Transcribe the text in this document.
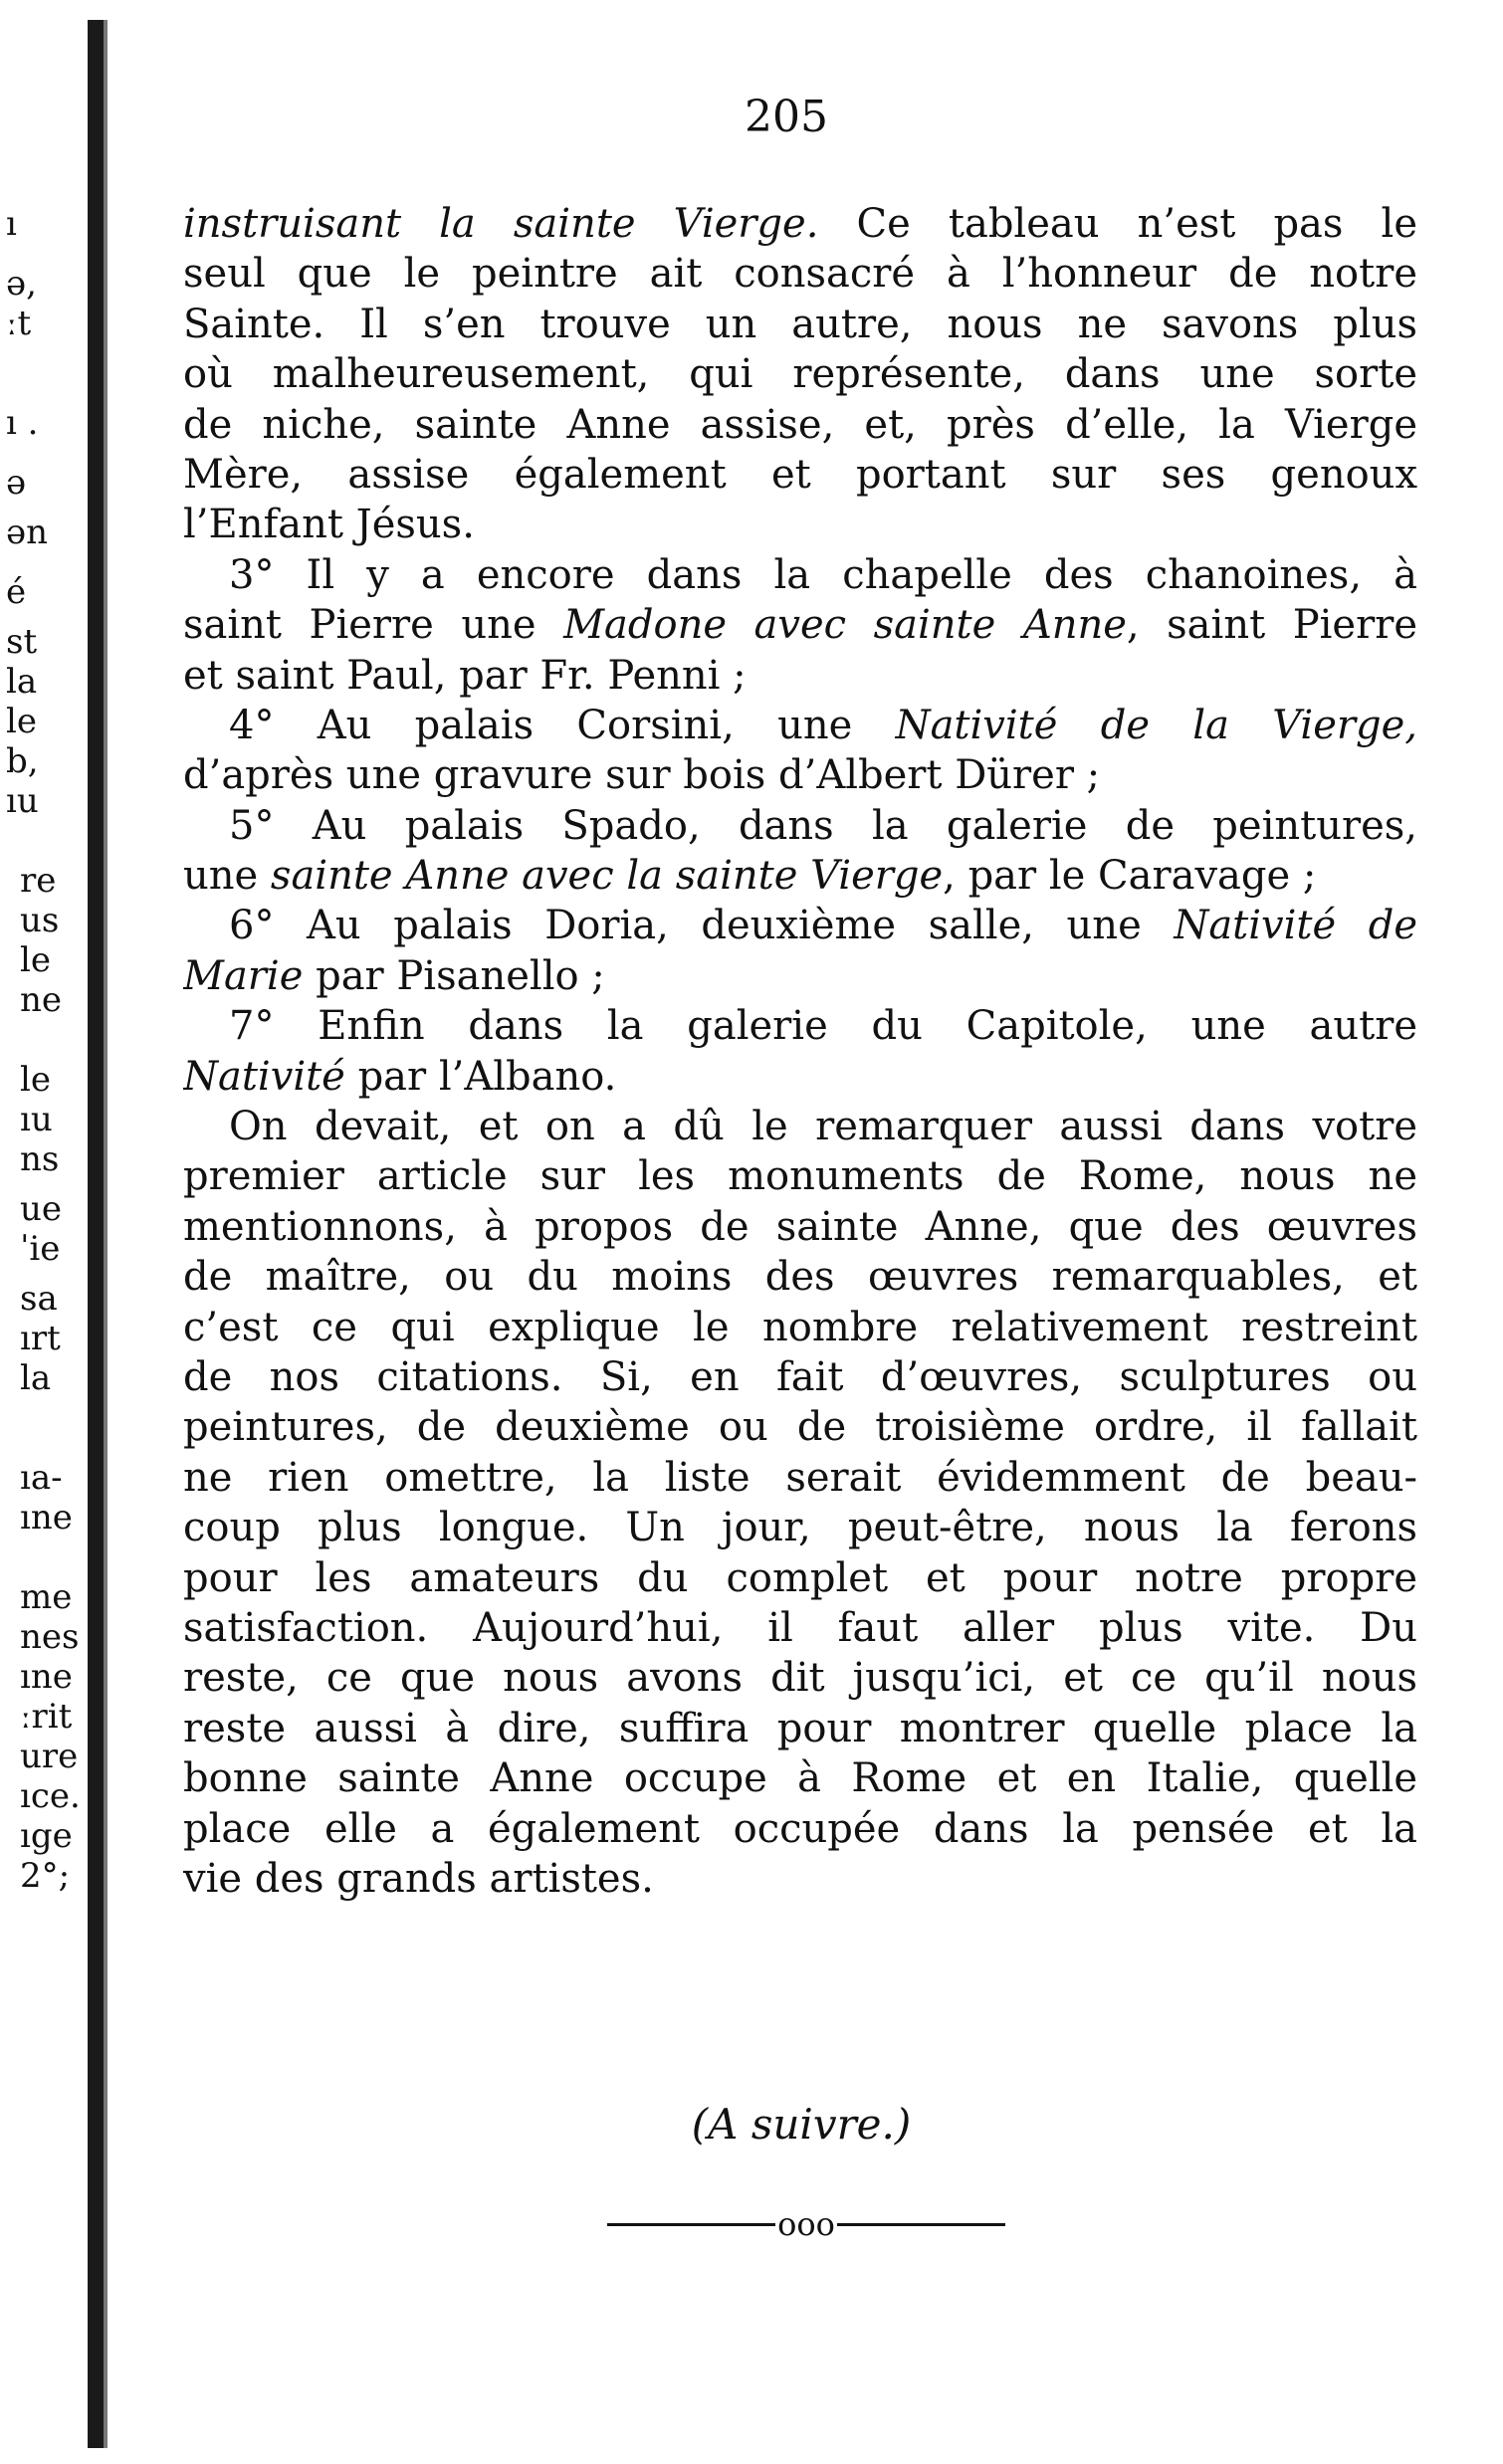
ı
ǝ,
ːt
ı .
ǝ
ǝn
é
st
la
le
b,
ıu
re
us
le
ne
le
ıu
ns
ue
ˈie
sa
ırt
la
ıa-
ıne
me
nes
ıne
ːrit
ure
ıce.
ıge
2°;
205
instruisant la sainte Vierge. Ce tableau n’est pas le
seul que le peintre ait consacré à l’honneur de notre
Sainte. Il s’en trouve un autre, nous ne savons plus
où malheureusement, qui représente, dans une sorte
de niche, sainte Anne assise, et, près d’elle, la Vierge
Mère, assise également et portant sur ses genoux
l’Enfant Jésus.
3° Il y a encore dans la chapelle des chanoines, à
saint Pierre une Madone avec sainte Anne, saint Pierre
et saint Paul, par Fr. Penni ;
4° Au palais Corsini, une Nativité de la Vierge,
d’après une gravure sur bois d’Albert Dürer ;
5° Au palais Spado, dans la galerie de peintures,
une sainte Anne avec la sainte Vierge, par le Caravage ;
6° Au palais Doria, deuxième salle, une Nativité de
Marie par Pisanello ;
7° Enfin dans la galerie du Capitole, une autre
Nativité par l’Albano.
On devait, et on a dû le remarquer aussi dans votre
premier article sur les monuments de Rome, nous ne
mentionnons, à propos de sainte Anne, que des œuvres
de maître, ou du moins des œuvres remarquables, et
c’est ce qui explique le nombre relativement restreint
de nos citations. Si, en fait d’œuvres, sculptures ou
peintures, de deuxième ou de troisième ordre, il fallait
ne rien omettre, la liste serait évidemment de beau-
coup plus longue. Un jour, peut-être, nous la ferons
pour les amateurs du complet et pour notre propre
satisfaction. Aujourd’hui, il faut aller plus vite. Du
reste, ce que nous avons dit jusqu’ici, et ce qu’il nous
reste aussi à dire, suffira pour montrer quelle place la
bonne sainte Anne occupe à Rome et en Italie, quelle
place elle a également occupée dans la pensée et la
vie des grands artistes.
(A suivre.)
ooo
